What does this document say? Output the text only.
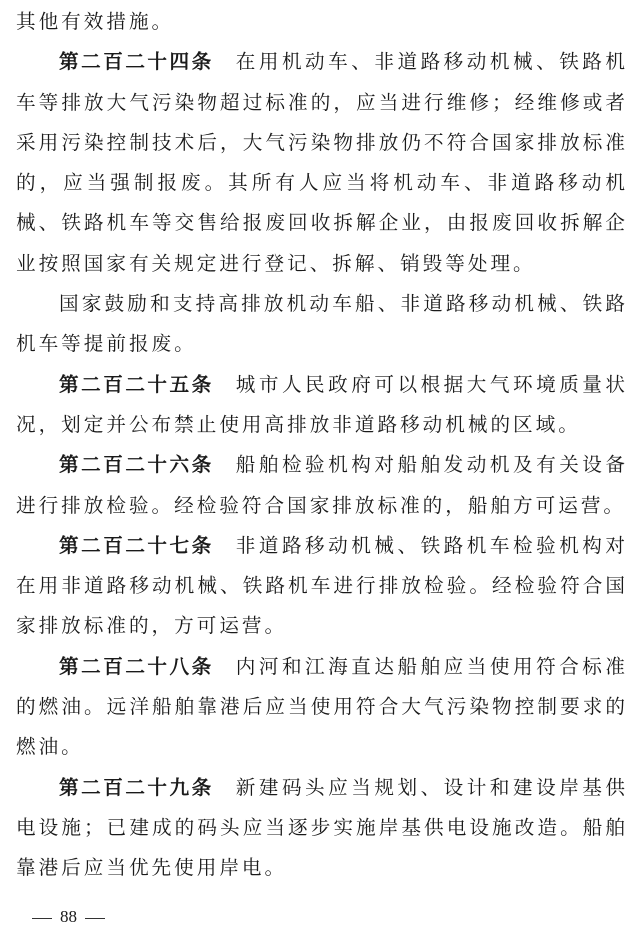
其他有效措施。

第二百二十四条 在用机动车、非道路移动机械、铁路机车等排放大气污染物超过标准的，应当进行维修；经维修或者采用污染控制技术后，大气污染物排放仍不符合国家排放标准的，应当强制报废。其所有人应当将机动车、非道路移动机械、铁路机车等交售给报废回收拆解企业，由报废回收拆解企业按照国家有关规定进行登记、拆解、销毁等处理。

国家鼓励和支持高排放机动车船、非道路移动机械、铁路机车等提前报废。

第二百二十五条 城市人民政府可以根据大气环境质量状况，划定并公布禁止使用高排放非道路移动机械的区域。

第二百二十六条 船舶检验机构对船舶发动机及有关设备进行排放检验。经检验符合国家排放标准的，船舶方可运营。

第二百二十七条 非道路移动机械、铁路机车检验机构对在用非道路移动机械、铁路机车进行排放检验。经检验符合国家排放标准的，方可运营。

第二百二十八条 内河和江海直达船舶应当使用符合标准的燃油。远洋船舶靠港后应当使用符合大气污染物控制要求的燃油。

第二百二十九条 新建码头应当规划、设计和建设岸基供电设施；已建成的码头应当逐步实施岸基供电设施改造。船舶靠港后应当优先使用岸电。

88
